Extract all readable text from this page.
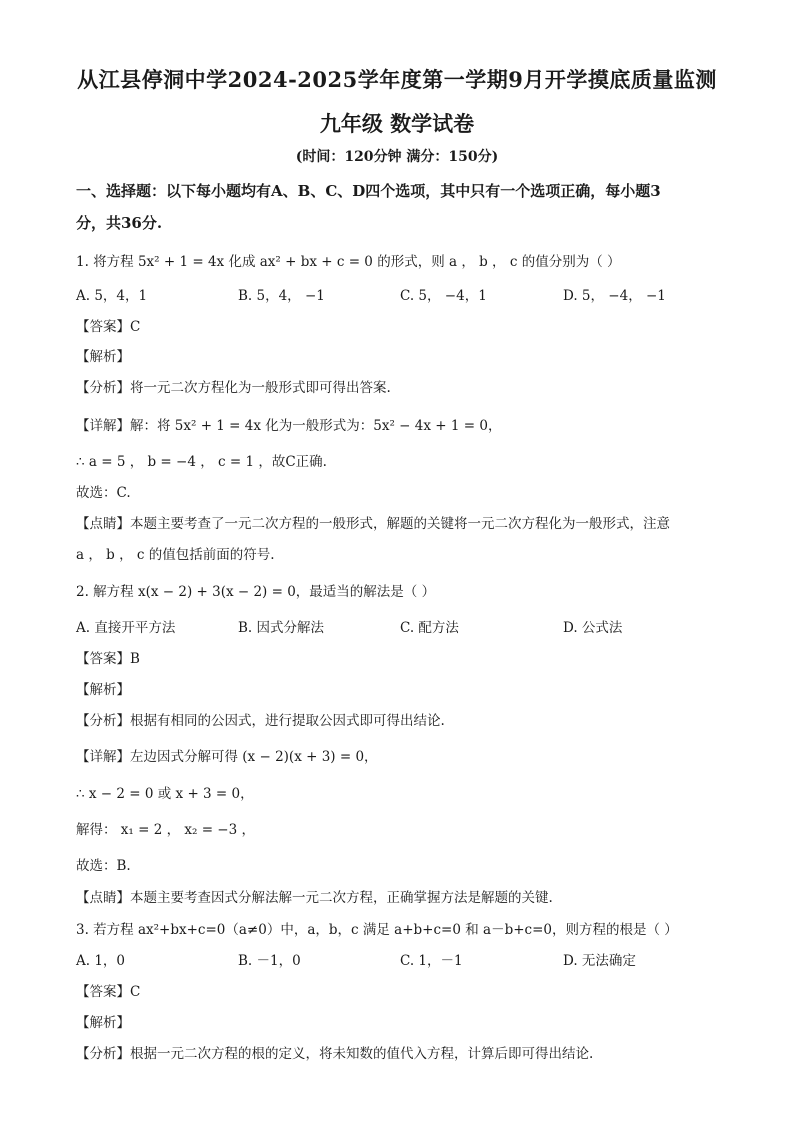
从江县停洞中学2024-2025学年度第一学期9月开学摸底质量监测
九年级 数学试卷
(时间：120分钟 满分：150分)
一、选择题：以下每小题均有A、B、C、D四个选项，其中只有一个选项正确，每小题3
分，共36分.
1. 将方程 5x² + 1 = 4x 化成 ax² + bx + c = 0 的形式，则 a ， b ， c 的值分别为（ ）
A. 5，4，1	B. 5，4， −1	C. 5， −4，1	D. 5， −4， −1
【答案】C
【解析】
【分析】将一元二次方程化为一般形式即可得出答案.
【详解】解：将 5x² + 1 = 4x 化为一般形式为：5x² − 4x + 1 = 0，
∴ a = 5 ， b = −4 ， c = 1 ，故C正确.
故选：C.
【点睛】本题主要考查了一元二次方程的一般形式，解题的关键将一元二次方程化为一般形式，注意
a ， b ， c 的值包括前面的符号.
2. 解方程 x(x − 2) + 3(x − 2) = 0，最适当的解法是（ ）
A. 直接开平方法	B. 因式分解法	C. 配方法	D. 公式法
【答案】B
【解析】
【分析】根据有相同的公因式，进行提取公因式即可得出结论.
【详解】左边因式分解可得 (x − 2)(x + 3) = 0，
∴ x − 2 = 0 或 x + 3 = 0，
解得： x₁ = 2 ， x₂ = −3 ，
故选：B.
【点睛】本题主要考查因式分解法解一元二次方程，正确掌握方法是解题的关键.
3. 若方程 ax²+bx+c=0（a≠0）中，a，b，c 满足 a+b+c=0 和 a－b+c=0，则方程的根是（ ）
A. 1，0	B. －1，0	C. 1，－1	D. 无法确定
【答案】C
【解析】
【分析】根据一元二次方程的根的定义，将未知数的值代入方程，计算后即可得出结论.
